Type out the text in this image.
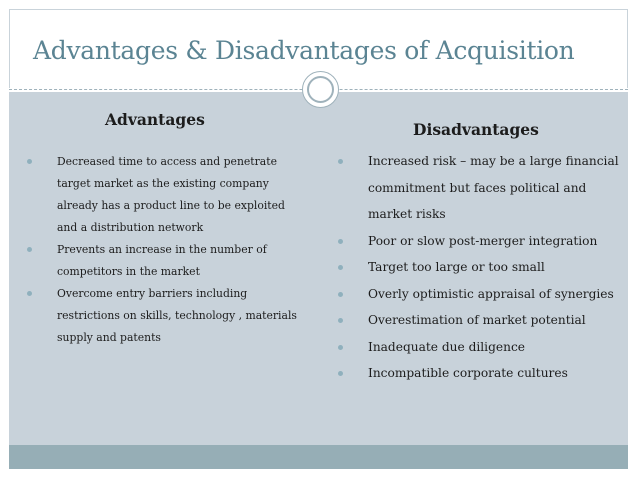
Advantages & Disadvantages of Acquisition
Advantages
Disadvantages
Decreased time to access and penetrate
target market as the existing company
already has a product line to be exploited
and a distribution network
Prevents an increase in the number of
competitors in the market
Overcome entry barriers including
restrictions on skills, technology , materials
supply and patents
Increased risk – may be a large financial
commitment but faces political and
market risks
Poor or slow post-merger integration
Target too large or too small
Overly optimistic appraisal of synergies
Overestimation of market potential
Inadequate due diligence
Incompatible corporate cultures
